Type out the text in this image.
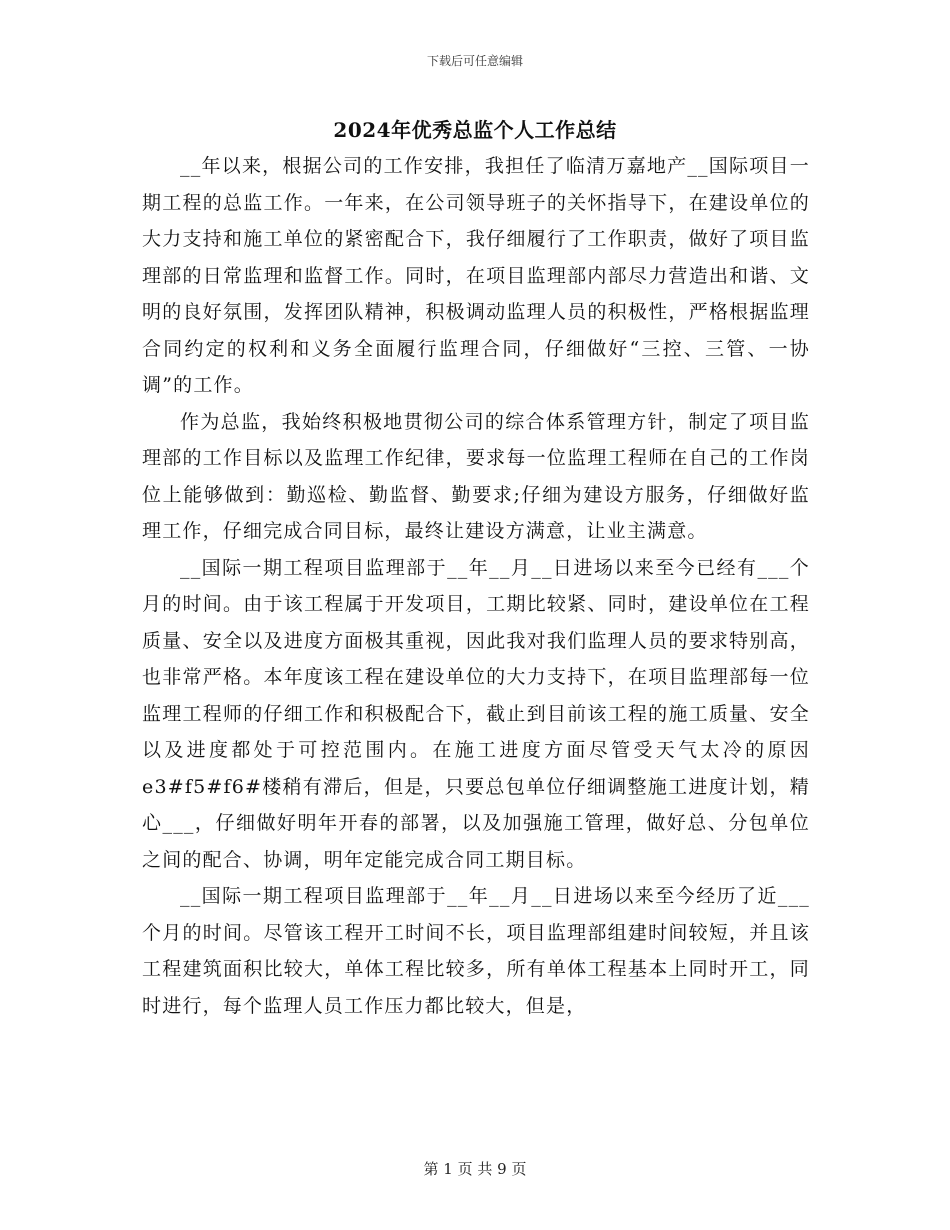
下载后可任意编辑
2024年优秀总监个人工作总结

__年以来，根据公司的工作安排，我担任了临清万嘉地产__国际项目一期工程的总监工作。一年来，在公司领导班子的关怀指导下，在建设单位的大力支持和施工单位的紧密配合下，我仔细履行了工作职责，做好了项目监理部的日常监理和监督工作。同时，在项目监理部内部尽力营造出和谐、文明的良好氛围，发挥团队精神，积极调动监理人员的积极性，严格根据监理合同约定的权利和义务全面履行监理合同，仔细做好“三控、三管、一协调”的工作。

作为总监，我始终积极地贯彻公司的综合体系管理方针，制定了项目监理部的工作目标以及监理工作纪律，要求每一位监理工程师在自己的工作岗位上能够做到：勤巡检、勤监督、勤要求;仔细为建设方服务，仔细做好监理工作，仔细完成合同目标，最终让建设方满意，让业主满意。

__国际一期工程项目监理部于__年__月__日进场以来至今已经有___个月的时间。由于该工程属于开发项目，工期比较紧、同时，建设单位在工程质量、安全以及进度方面极其重视，因此我对我们监理人员的要求特别高，也非常严格。本年度该工程在建设单位的大力支持下，在项目监理部每一位监理工程师的仔细工作和积极配合下，截止到目前该工程的施工质量、安全以及进度都处于可控范围内。在施工进度方面尽管受天气太冷的原因e3#f5#f6#楼稍有滞后，但是，只要总包单位仔细调整施工进度计划，精心___，仔细做好明年开春的部署，以及加强施工管理，做好总、分包单位之间的配合、协调，明年定能完成合同工期目标。

__国际一期工程项目监理部于__年__月__日进场以来至今经历了近___个月的时间。尽管该工程开工时间不长，项目监理部组建时间较短，并且该工程建筑面积比较大，单体工程比较多，所有单体工程基本上同时开工，同时进行，每个监理人员工作压力都比较大，但是，

第 1 页 共 9 页
